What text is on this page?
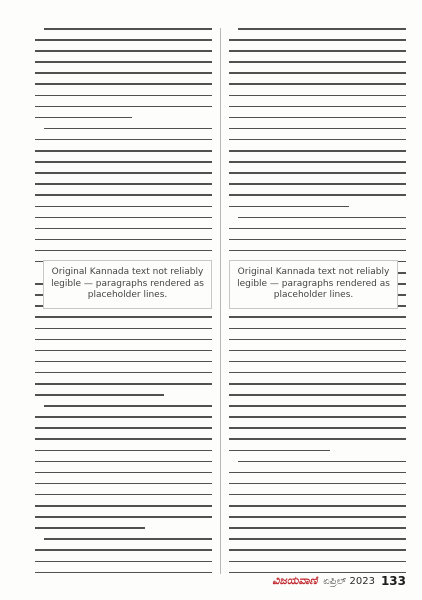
Original Kannada text not reliably legible — paragraphs rendered as placeholder lines.
Original Kannada text not reliably legible — paragraphs rendered as placeholder lines.
ವಿಜಯವಾಣಿ ಏಪ್ರಿಲ್ 2023 133
